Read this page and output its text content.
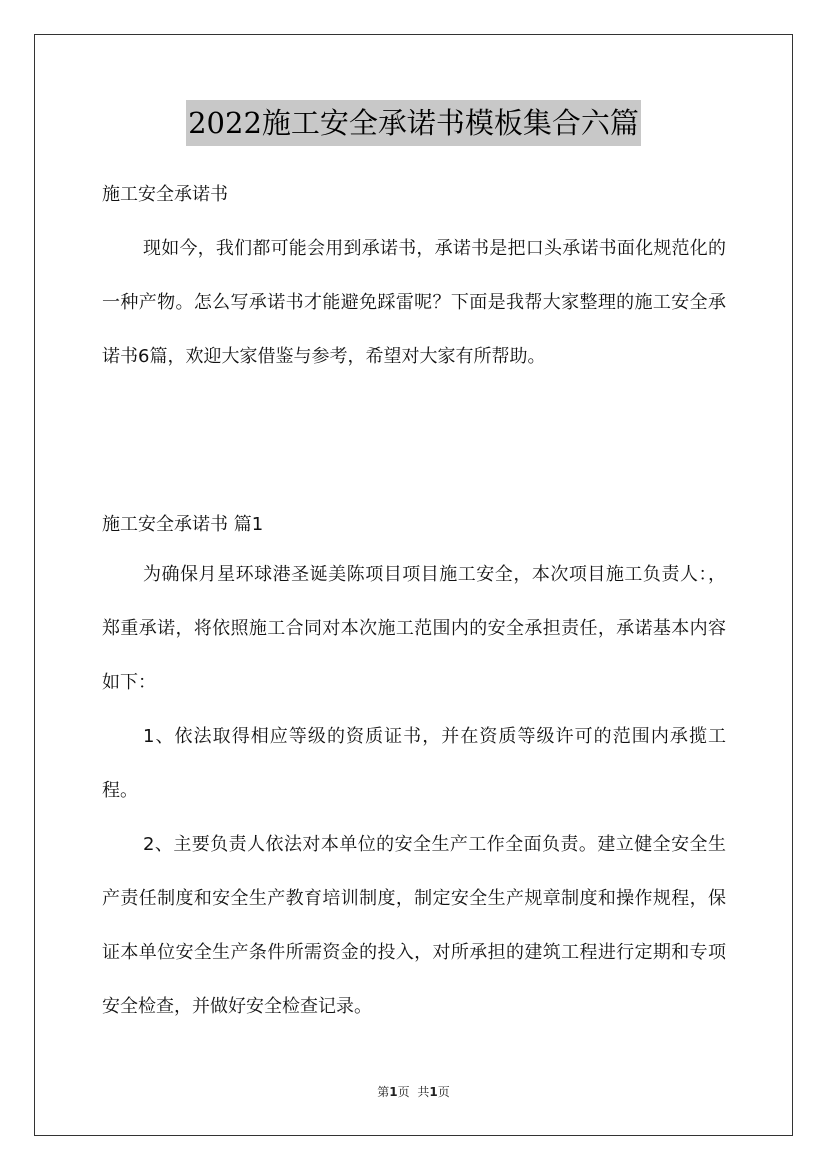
2022施工安全承诺书模板集合六篇
施工安全承诺书
现如今，我们都可能会用到承诺书，承诺书是把口头承诺书面化规范化的一种产物。怎么写承诺书才能避免踩雷呢？下面是我帮大家整理的施工安全承诺书6篇，欢迎大家借鉴与参考，希望对大家有所帮助。
施工安全承诺书 篇1
为确保月星环球港圣诞美陈项目项目施工安全，本次项目施工负责人：，郑重承诺，将依照施工合同对本次施工范围内的安全承担责任，承诺基本内容如下：
1、依法取得相应等级的资质证书，并在资质等级许可的范围内承揽工程。
2、主要负责人依法对本单位的安全生产工作全面负责。建立健全安全生产责任制度和安全生产教育培训制度，制定安全生产规章制度和操作规程，保证本单位安全生产条件所需资金的投入，对所承担的建筑工程进行定期和专项安全检查，并做好安全检查记录。
第1页 共1页
